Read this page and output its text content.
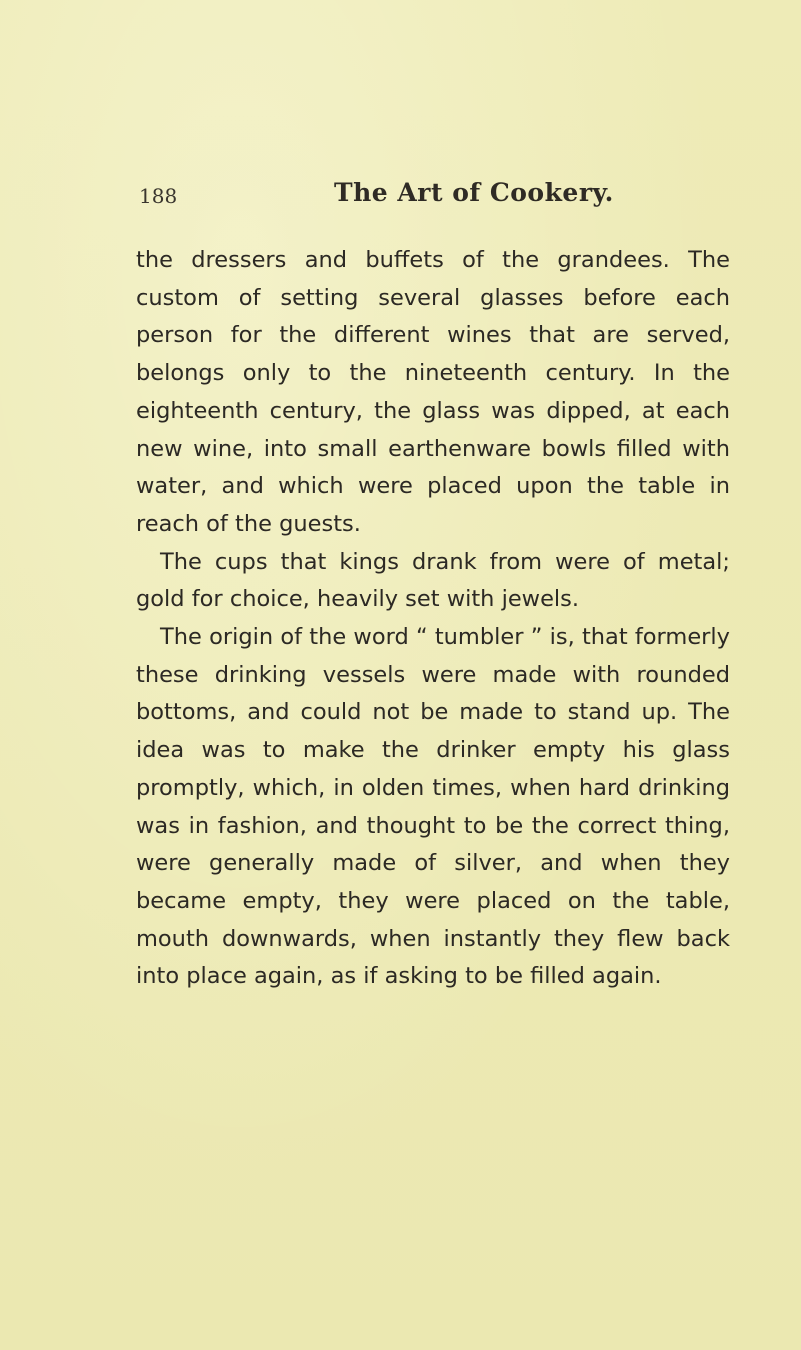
188	The Art of Cookery.

the dressers and buffets of the grandees. The custom of setting several glasses before each person for the different wines that are served, belongs only to the nineteenth century. In the eighteenth century, the glass was dipped, at each new wine, into small earthenware bowls filled with water, and which were placed upon the table in reach of the guests.

The cups that kings drank from were of metal; gold for choice, heavily set with jewels.

The origin of the word “ tumbler ” is, that formerly these drinking vessels were made with rounded bottoms, and could not be made to stand up. The idea was to make the drinker empty his glass promptly, which, in olden times, when hard drinking was in fashion, and thought to be the correct thing, were generally made of silver, and when they became empty, they were placed on the table, mouth downwards, when instantly they flew back into place again, as if asking to be filled again.
